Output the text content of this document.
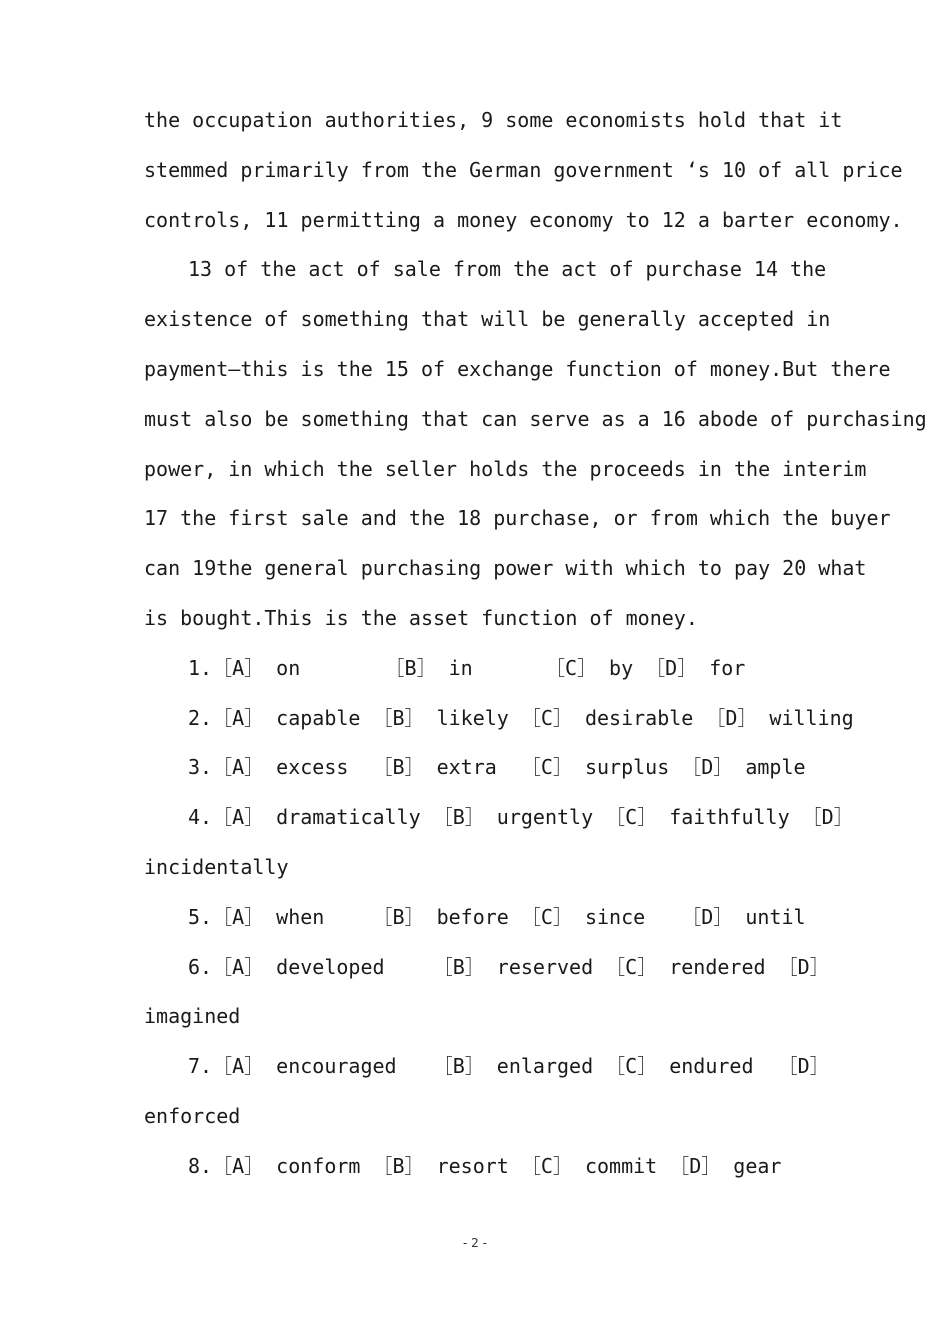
the occupation authorities, 9 some economists hold that it
stemmed primarily from the German government ‘s 10 of all price
controls, 11 permitting a money economy to 12 a barter economy.
13 of the act of sale from the act of purchase 14 the
existence of something that will be generally accepted in
payment—this is the 15 of exchange function of money.But there
must also be something that can serve as a 16 abode of purchasing
power, in which the seller holds the proceeds in the interim
17 the first sale and the 18 purchase, or from which the buyer
can 19the general purchasing power with which to pay 20 what
is bought.This is the asset function of money.
1.［A］ on       ［B］ in      ［C］ by ［D］ for
2.［A］ capable ［B］ likely ［C］ desirable ［D］ willing
3.［A］ excess  ［B］ extra  ［C］ surplus ［D］ ample
4.［A］ dramatically ［B］ urgently ［C］ faithfully ［D］
incidentally
5.［A］ when    ［B］ before ［C］ since   ［D］ until
6.［A］ developed    ［B］ reserved ［C］ rendered ［D］
imagined
7.［A］ encouraged   ［B］ enlarged ［C］ endured  ［D］
enforced
8.［A］ conform ［B］ resort ［C］ commit ［D］ gear
- 2 -
